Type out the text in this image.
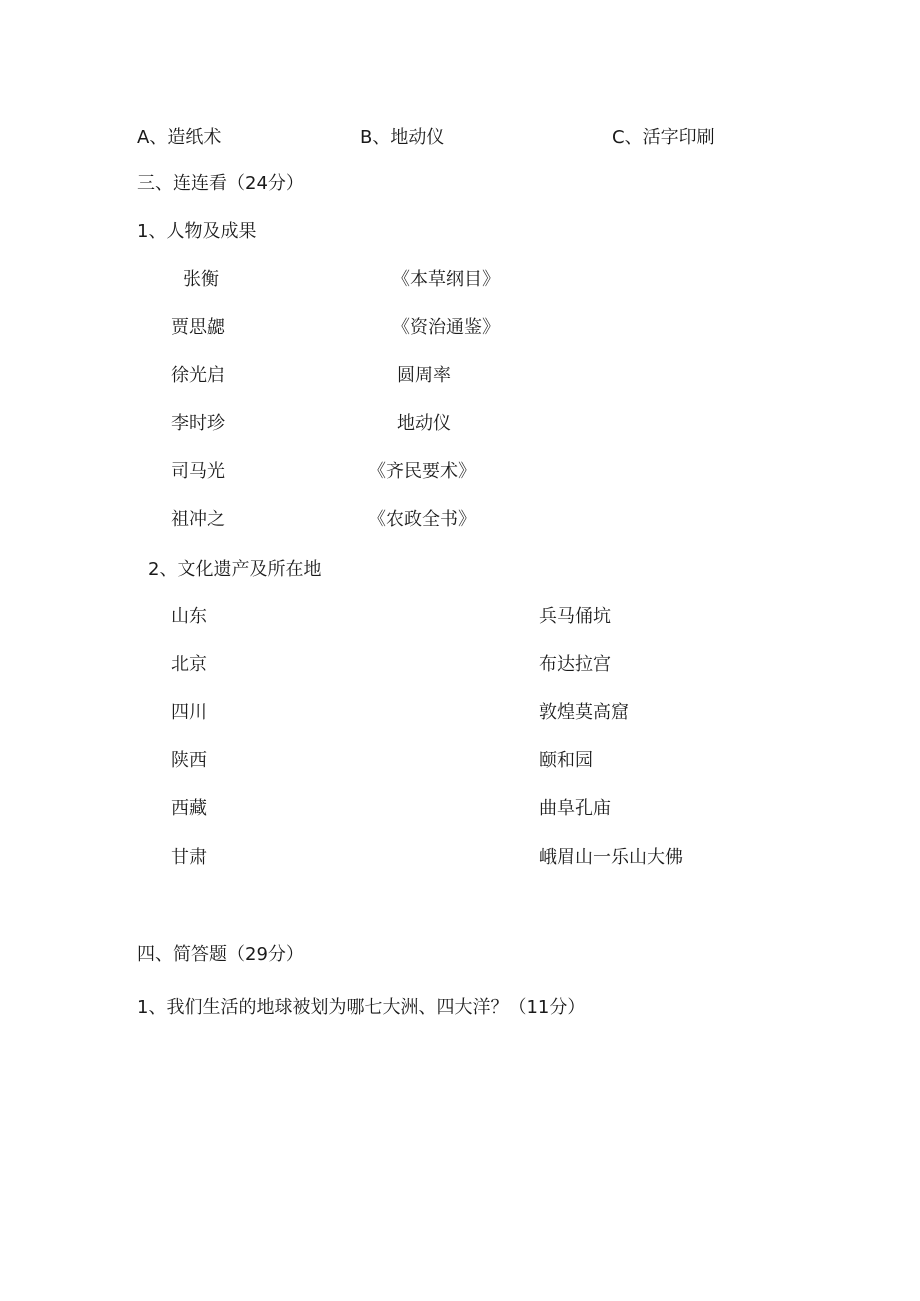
A、造纸术	B、地动仪	C、活字印刷
三、连连看（24分）
1、人物及成果
张衡
贾思勰
徐光启
李时珍
司马光
祖冲之
《本草纲目》
《资治通鉴》
圆周率
地动仪
《齐民要术》
《农政全书》
2、文化遗产及所在地
山东
北京
四川
陕西
西藏
甘肃
兵马俑坑
布达拉宫
敦煌莫高窟
颐和园
曲阜孔庙
峨眉山一乐山大佛
四、简答题（29分）
1、我们生活的地球被划为哪七大洲、四大洋？（11分）
